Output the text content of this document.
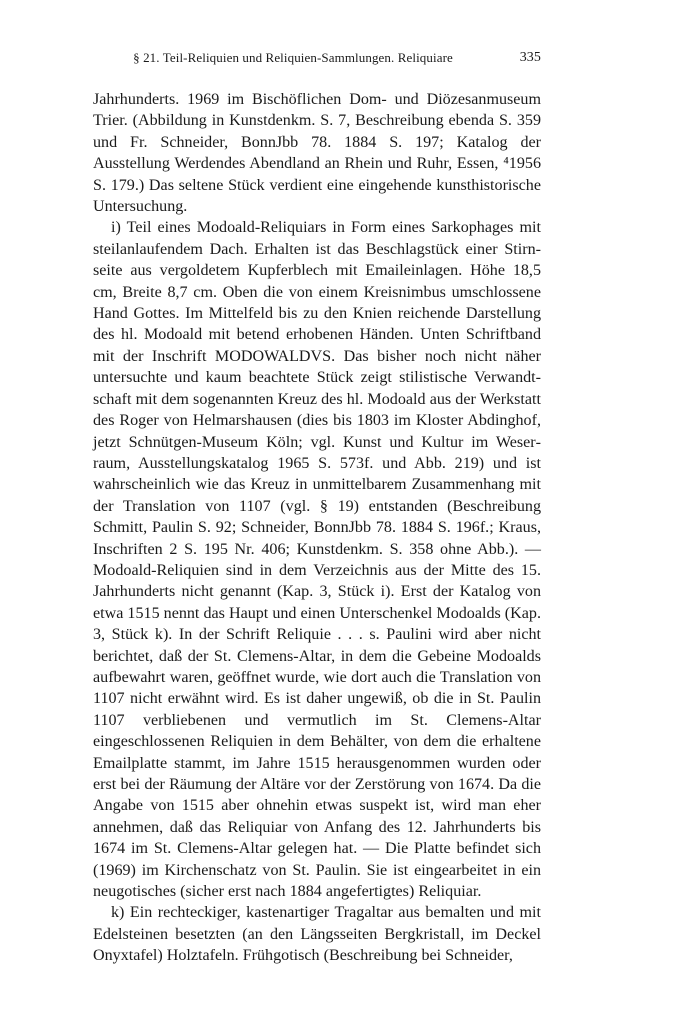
§ 21. Teil-Reliquien und Reliquien-Sammlungen. Reliquiare	335

Jahrhunderts. 1969 im Bischöflichen Dom- und Diözesanmuseum Trier. (Abbildung in Kunstdenkm. S. 7, Beschreibung ebenda S. 359 und Fr. Schneider, BonnJbb 78. 1884 S. 197; Katalog der Ausstellung Werdendes Abendland an Rhein und Ruhr, Essen, ⁴1956 S. 179.) Das seltene Stück verdient eine eingehende kunsthistorische Untersuchung.

i) Teil eines Modoald-Reliquiars in Form eines Sarkophages mit steilanlaufendem Dach. Erhalten ist das Beschlagstück einer Stirnseite aus vergoldetem Kupferblech mit Emaileinlagen. Höhe 18,5 cm, Breite 8,7 cm. Oben die von einem Kreisnimbus umschlossene Hand Gottes. Im Mittelfeld bis zu den Knien reichende Darstellung des hl. Modoald mit betend erhobenen Händen. Unten Schriftband mit der Inschrift MODOWALDVS. Das bisher noch nicht näher untersuchte und kaum beachtete Stück zeigt stilistische Verwandtschaft mit dem sogenannten Kreuz des hl. Modoald aus der Werkstatt des Roger von Helmarshausen (dies bis 1803 im Kloster Abdinghof, jetzt Schnütgen-Museum Köln; vgl. Kunst und Kultur im Weserraum, Ausstellungskatalog 1965 S. 573f. und Abb. 219) und ist wahrscheinlich wie das Kreuz in unmittelbarem Zusammenhang mit der Translation von 1107 (vgl. § 19) entstanden (Beschreibung Schmitt, Paulin S. 92; Schneider, BonnJbb 78. 1884 S. 196f.; Kraus, Inschriften 2 S. 195 Nr. 406; Kunstdenkm. S. 358 ohne Abb.). — Modoald-Reliquien sind in dem Verzeichnis aus der Mitte des 15. Jahrhunderts nicht genannt (Kap. 3, Stück i). Erst der Katalog von etwa 1515 nennt das Haupt und einen Unterschenkel Modoalds (Kap. 3, Stück k). In der Schrift Reliquie . . . s. Paulini wird aber nicht berichtet, daß der St. Clemens-Altar, in dem die Gebeine Modoalds aufbewahrt waren, geöffnet wurde, wie dort auch die Translation von 1107 nicht erwähnt wird. Es ist daher ungewiß, ob die in St. Paulin 1107 verbliebenen und vermutlich im St. Clemens-Altar eingeschlossenen Reliquien in dem Behälter, von dem die erhaltene Emailplatte stammt, im Jahre 1515 herausgenommen wurden oder erst bei der Räumung der Altäre vor der Zerstörung von 1674. Da die Angabe von 1515 aber ohnehin etwas suspekt ist, wird man eher annehmen, daß das Reliquiar von Anfang des 12. Jahrhunderts bis 1674 im St. Clemens-Altar gelegen hat. — Die Platte befindet sich (1969) im Kirchenschatz von St. Paulin. Sie ist eingearbeitet in ein neugotisches (sicher erst nach 1884 angefertigtes) Reliquiar.

k) Ein rechteckiger, kastenartiger Tragaltar aus bemalten und mit Edelsteinen besetzten (an den Längsseiten Bergkristall, im Deckel Onyxtafel) Holztafeln. Frühgotisch (Beschreibung bei Schneider,
